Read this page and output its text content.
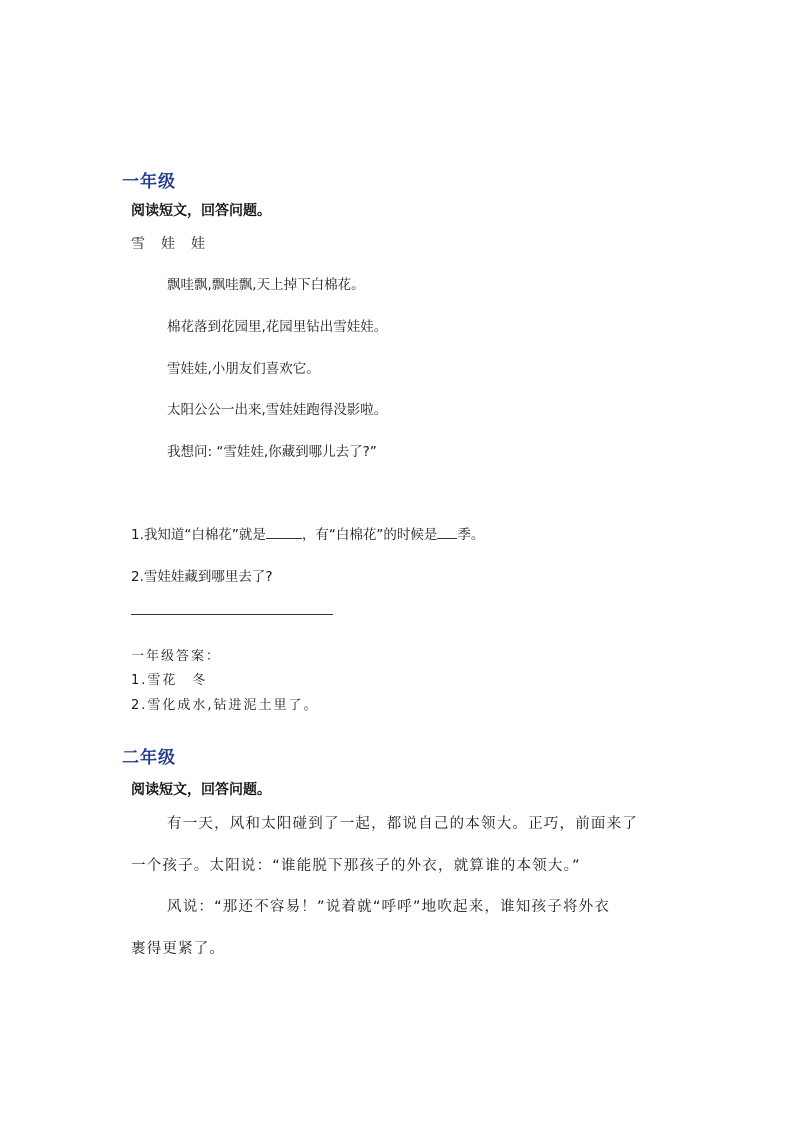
一年级
阅读短文，回答问题。
雪娃娃
飘哇飘,飘哇飘,天上掉下白棉花。
棉花落到花园里,花园里钻出雪娃娃。
雪娃娃,小朋友们喜欢它。
太阳公公一出来,雪娃娃跑得没影啦。
我想问: “雪娃娃,你藏到哪儿去了?”
1.我知道“白棉花”就是	，有“白棉花”的时候是 季。
2.雪娃娃藏到哪里去了?
一年级答案：
1.雪花　冬
2.雪化成水,钻进泥土里了。
二年级
阅读短文，回答问题。
有一天，风和太阳碰到了一起，都说自己的本领大。正巧，前面来了
一个孩子。太阳说：“谁能脱下那孩子的外衣，就算谁的本领大。”
风说：“那还不容易！”说着就“呼呼”地吹起来，谁知孩子将外衣
裹得更紧了。
